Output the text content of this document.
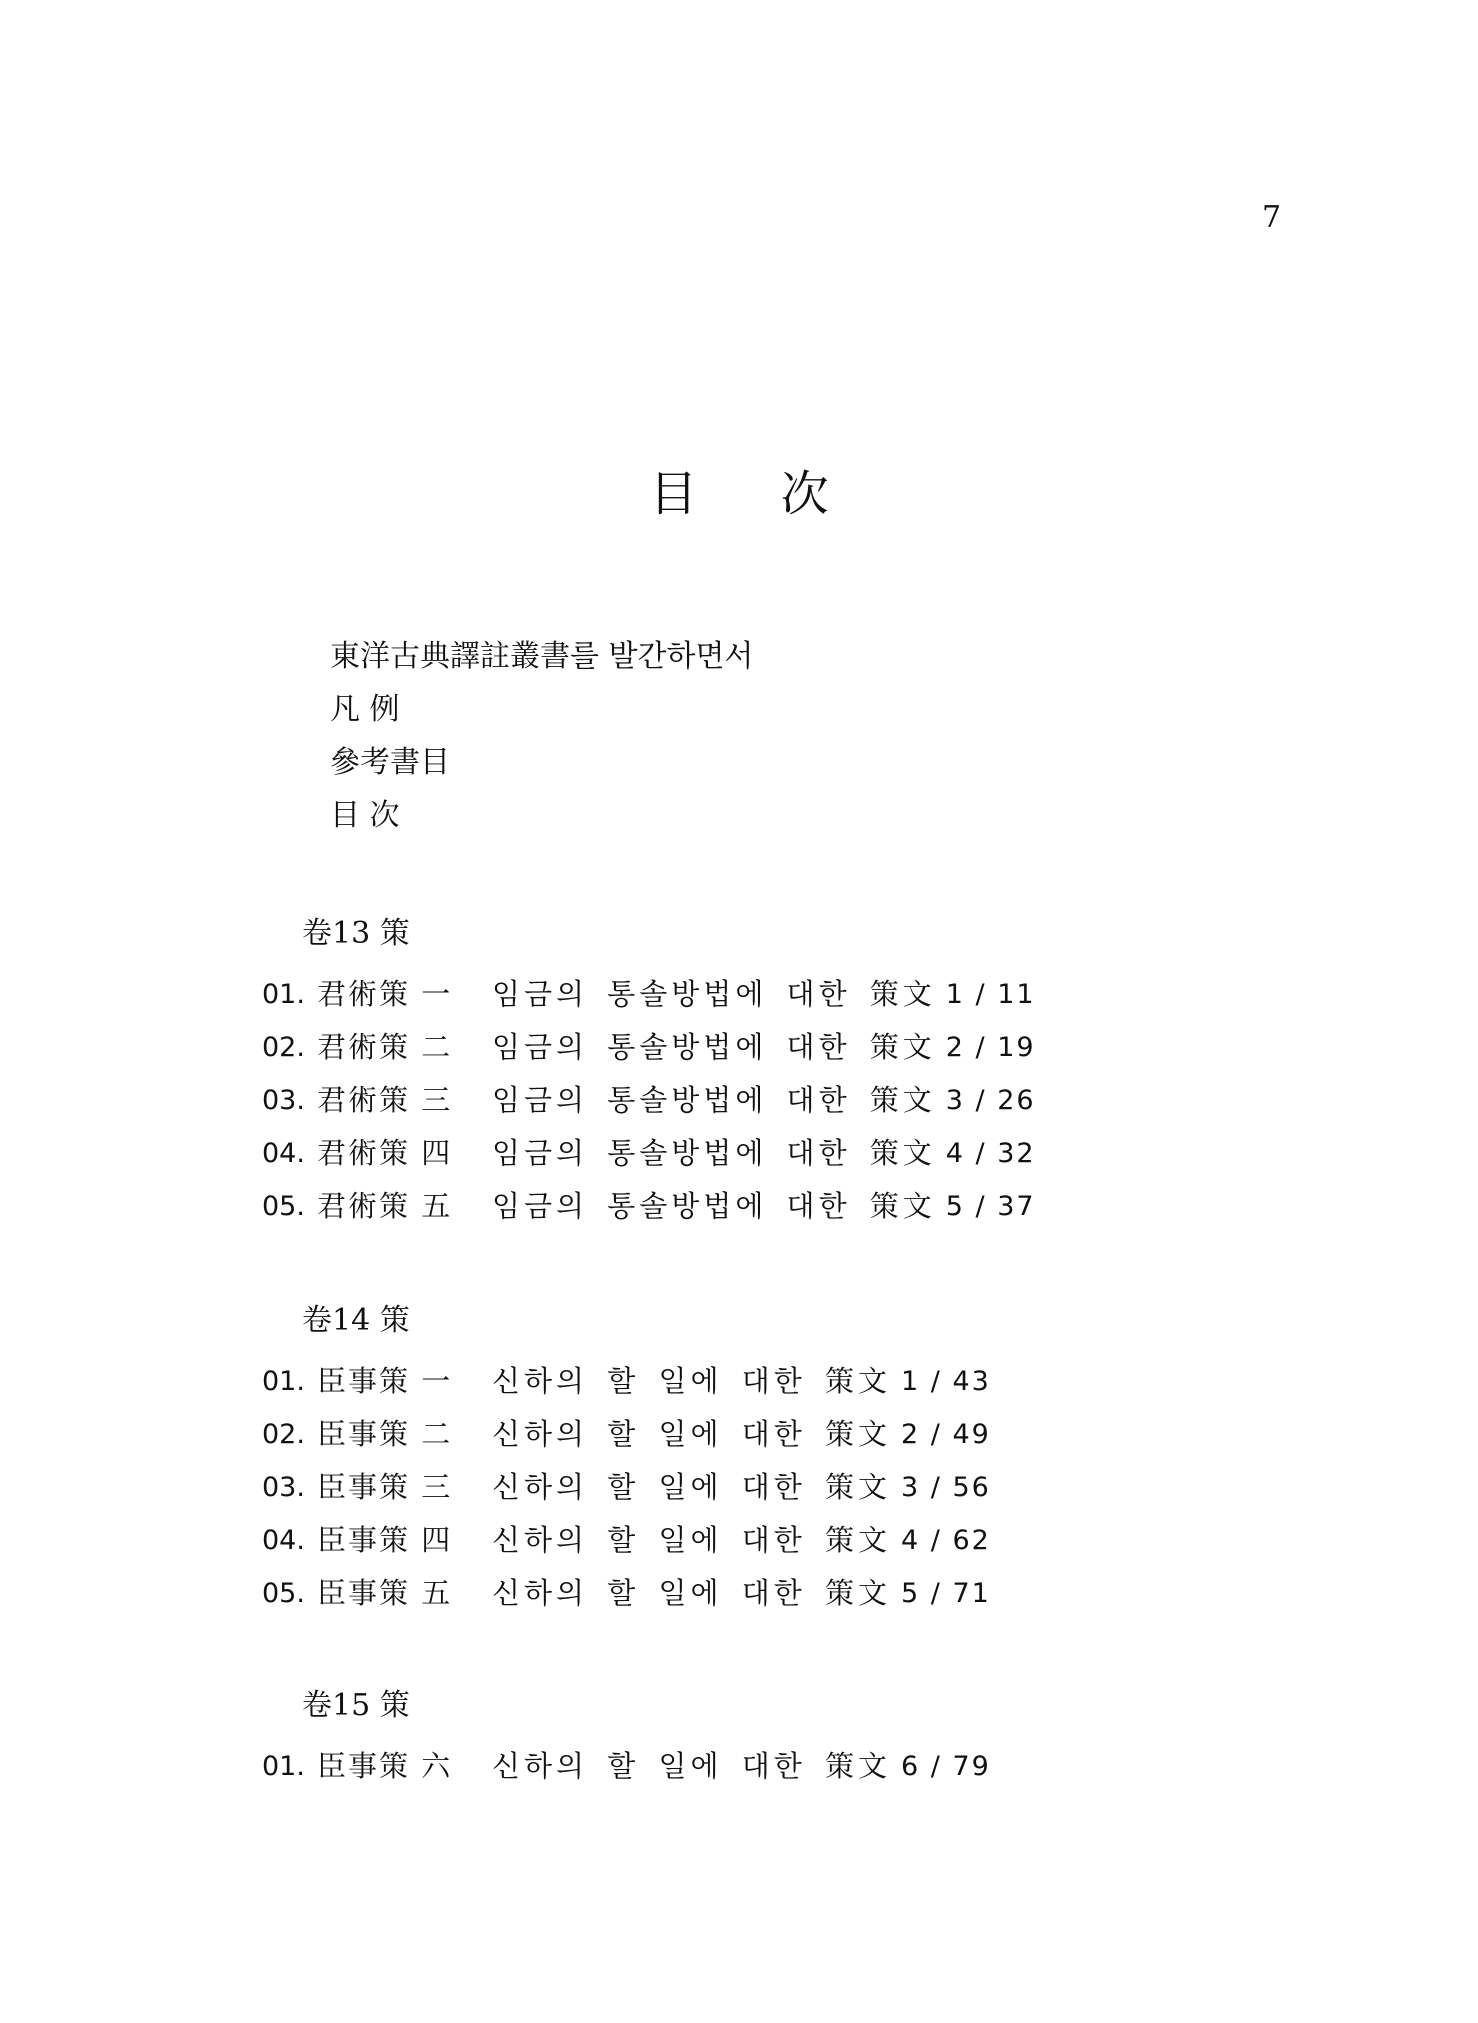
7
目 次
東洋古典譯註叢書를 발간하면서
凡 例
參考書目
目 次
卷13 策
01. 君術策 一	임금의 통솔방법에 대한 策文 1 / 11
02. 君術策 二	임금의 통솔방법에 대한 策文 2 / 19
03. 君術策 三	임금의 통솔방법에 대한 策文 3 / 26
04. 君術策 四	임금의 통솔방법에 대한 策文 4 / 32
05. 君術策 五	임금의 통솔방법에 대한 策文 5 / 37
卷14 策
01. 臣事策 一	신하의 할 일에 대한 策文 1 / 43
02. 臣事策 二	신하의 할 일에 대한 策文 2 / 49
03. 臣事策 三	신하의 할 일에 대한 策文 3 / 56
04. 臣事策 四	신하의 할 일에 대한 策文 4 / 62
05. 臣事策 五	신하의 할 일에 대한 策文 5 / 71
卷15 策
01. 臣事策 六	신하의 할 일에 대한 策文 6 / 79
